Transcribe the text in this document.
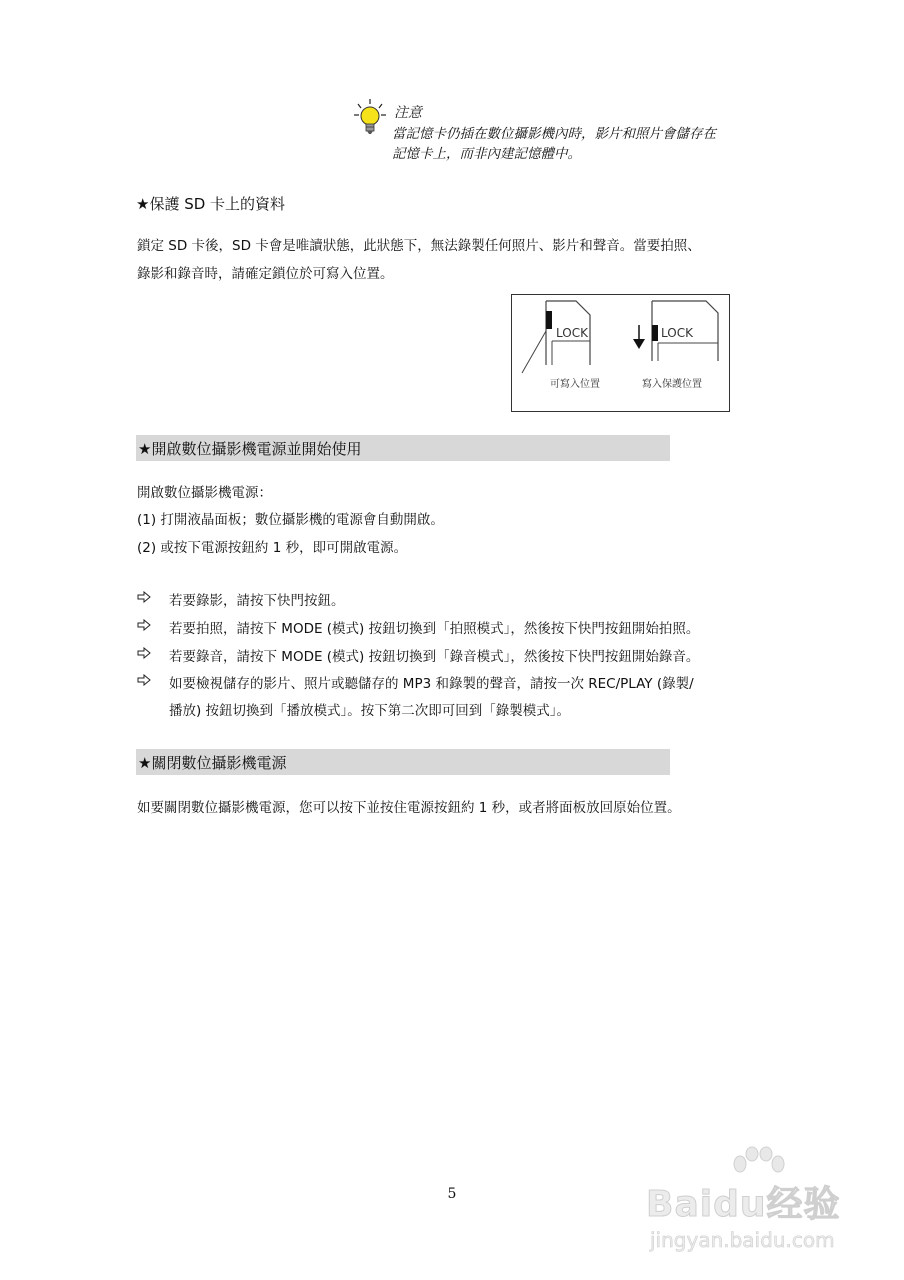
注意
當記憶卡仍插在數位攝影機內時，影片和照片會儲存在
記憶卡上，而非內建記憶體中。
★保護 SD 卡上的資料
鎖定 SD 卡後，SD 卡會是唯讀狀態，此狀態下，無法錄製任何照片、影片和聲音。當要拍照、
錄影和錄音時，請確定鎖位於可寫入位置。
LOCK	LOCK
可寫入位置	寫入保護位置
★開啟數位攝影機電源並開始使用
開啟數位攝影機電源：
(1) 打開液晶面板；數位攝影機的電源會自動開啟。
(2) 或按下電源按鈕約 1 秒，即可開啟電源。
若要錄影，請按下快門按鈕。
若要拍照，請按下 MODE (模式) 按鈕切換到「拍照模式」，然後按下快門按鈕開始拍照。
若要錄音，請按下 MODE (模式) 按鈕切換到「錄音模式」，然後按下快門按鈕開始錄音。
如要檢視儲存的影片、照片或聽儲存的 MP3 和錄製的聲音，請按一次 REC/PLAY (錄製/
播放) 按鈕切換到「播放模式」。按下第二次即可回到「錄製模式」。
★關閉數位攝影機電源
如要關閉數位攝影機電源，您可以按下並按住電源按鈕約 1 秒，或者將面板放回原始位置。
5	Baidu经验
jingyan.baidu.com
